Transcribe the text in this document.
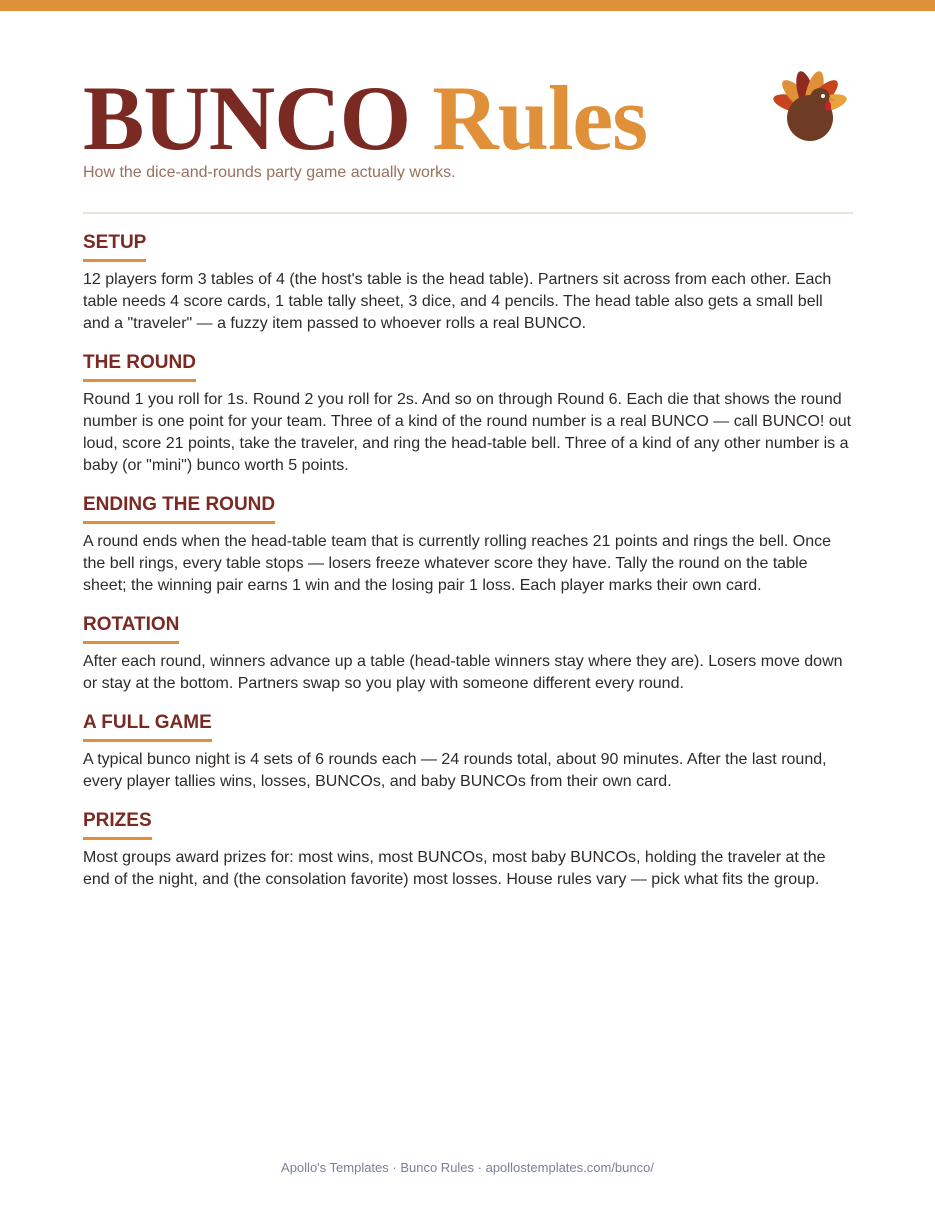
BUNCO Rules
How the dice-and-rounds party game actually works.
SETUP

12 players form 3 tables of 4 (the host's table is the head table). Partners sit across from each other. Each table needs 4 score cards, 1 table tally sheet, 3 dice, and 4 pencils. The head table also gets a small bell and a "traveler" — a fuzzy item passed to whoever rolls a real BUNCO.

THE ROUND

Round 1 you roll for 1s. Round 2 you roll for 2s. And so on through Round 6. Each die that shows the round number is one point for your team. Three of a kind of the round number is a real BUNCO — call BUNCO! out loud, score 21 points, take the traveler, and ring the head-table bell. Three of a kind of any other number is a baby (or "mini") bunco worth 5 points.

ENDING THE ROUND

A round ends when the head-table team that is currently rolling reaches 21 points and rings the bell. Once the bell rings, every table stops — losers freeze whatever score they have. Tally the round on the table sheet; the winning pair earns 1 win and the losing pair 1 loss. Each player marks their own card.

ROTATION

After each round, winners advance up a table (head-table winners stay where they are). Losers move down or stay at the bottom. Partners swap so you play with someone different every round.

A FULL GAME

A typical bunco night is 4 sets of 6 rounds each — 24 rounds total, about 90 minutes. After the last round, every player tallies wins, losses, BUNCOs, and baby BUNCOs from their own card.

PRIZES

Most groups award prizes for: most wins, most BUNCOs, most baby BUNCOs, holding the traveler at the end of the night, and (the consolation favorite) most losses. House rules vary — pick what fits the group.

Apollo's Templates · Bunco Rules · apollostemplates.com/bunco/
